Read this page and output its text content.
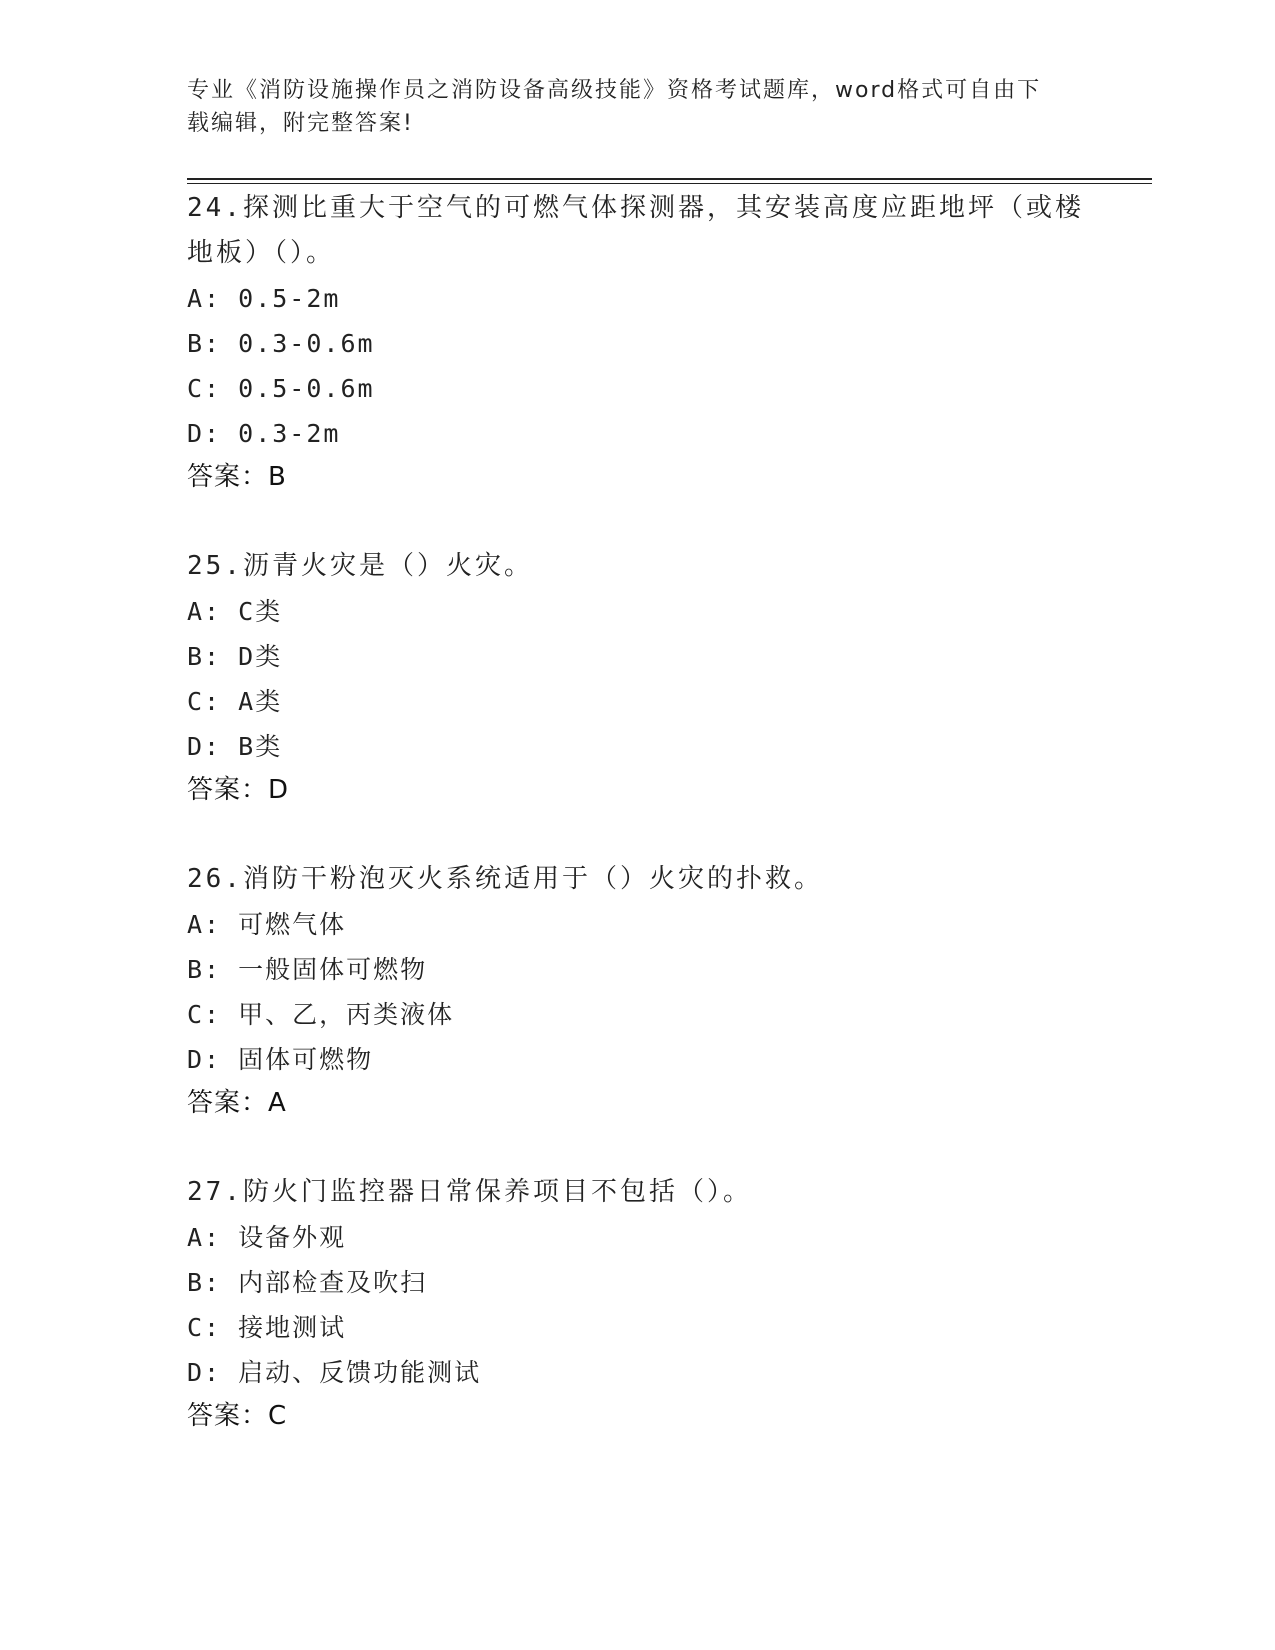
专业《消防设施操作员之消防设备高级技能》资格考试题库，word格式可自由下
载编辑，附完整答案!

24.探测比重大于空气的可燃气体探测器，其安装高度应距地坪（或楼地板）（）。

A: 0.5-2m
B: 0.3-0.6m
C: 0.5-0.6m
D: 0.3-2m
答案：B

25.沥青火灾是（）火灾。

A: C类
B: D类
C: A类
D: B类
答案：D

26.消防干粉泡灭火系统适用于（）火灾的扑救。

A: 可燃气体
B: 一般固体可燃物
C: 甲、乙，丙类液体
D: 固体可燃物
答案：A

27.防火门监控器日常保养项目不包括（）。

A: 设备外观
B: 内部检查及吹扫
C: 接地测试
D: 启动、反馈功能测试
答案：C
